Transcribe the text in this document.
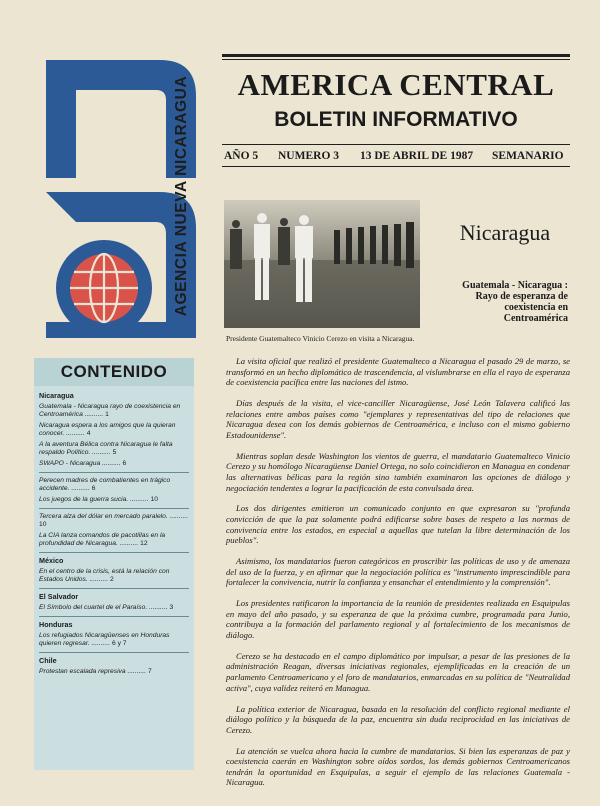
AGENCIA NUEVA NICARAGUA	AMERICA CENTRAL
BOLETIN INFORMATIVO
AÑO 5 NUMERO 3 13 DE ABRIL DE 1987 SEMANARIO
Presidente Guatemalteco Vinicio Cerezo en visita a Nicaragua.
Nicaragua
Guatemala - Nicaragua : Rayo de esperanza de coexistencia en Centroamérica

La visita oficial que realizó el presidente Guatemalteco a Nicaragua el pasado 29 de marzo, se transformó en un hecho diplomático de trascendencia, al vislumbrarse en ella el rayo de esperanza de coexistencia pacífica entre las naciones del istmo.

Días después de la visita, el vice-canciller Nicaragüense, José León Talavera calificó las relaciones entre ambos países como "ejemplares y representativas del tipo de relaciones que Nicaragua desea con los demás gobiernos de Centroamérica, e incluso con el mismo gobierno Estadounidense".

Mientras soplan desde Washington los vientos de guerra, el mandatario Guatemalteco Vinicio Cerezo y su homólogo Nicaragüense Daniel Ortega, no solo coincidieron en Managua en condenar las alternativas bélicas para la región sino también examinaron las opciones de diálogo y negociación tendentes a lograr la pacificación de esta convulsada área.

Los dos dirigentes emitieron un comunicado conjunto en que expresaron su "profunda convicción de que la paz solamente podrá edificarse sobre bases de respeto a las normas de convivencia entre los estados, en especial a aquellas que tutelan la libre determinación de los pueblos".

Asimismo, los mandatarios fueron categóricos en proscribir las políticas de uso y de amenaza del uso de la fuerza, y en afirmar que la negociación política es "instrumento imprescindible para fortalecer la convivencia, nutrir la confianza y ensanchar el entendimiento y la comprensión".

Los presidentes ratificaron la importancia de la reunión de presidentes realizada en Esquipulas en mayo del año pasado, y su esperanza de que la próxima cumbre, programada para Junio, contribuya a la formación del parlamento regional y al fortalecimiento de los mecanismos de diálogo.

Cerezo se ha destacado en el campo diplomático por impulsar, a pesar de las presiones de la administración Reagan, diversas iniciativas regionales, ejemplificadas en la creación de un parlamento Centroamericano y el foro de mandatarios, enmarcadas en su política de "Neutralidad activa", cuya validez reiteró en Managua.

La política exterior de Nicaragua, basada en la resolución del conflicto regional mediante el diálogo político y la búsqueda de la paz, encuentra sin duda reciprocidad en las iniciativas de Cerezo.

La atención se vuelca ahora hacia la cumbre de mandatarios. Si bien las esperanzas de paz y coexistencia caerán en Washington sobre oídos sordos, los demás gobiernos Centroamericanos tendrán la oportunidad en Esquipulas, a seguir el ejemplo de las relaciones Guatemala - Nicaragua.

CONTENIDO
Nicaragua
Guatemala - Nicaragua rayo de coexistencia en Centroamérica .......... 1
Nicaragua espera a los amigos que la quieran conocer. .......... 4
A la aventura Bélica contra Nicaragua le falta respaldo Político. .......... 5
SWAPO - Nicaragua .......... 6
Perecen madres de combatientes en trágico accidente. .......... 6
Los juegos de la guerra sucia. .......... 10
Tercera alza del dólar en mercado paralelo. .......... 10
La CIA lanza comandos de pacotillas en la profundidad de Nicaragua. .......... 12
México
En el centro de la crisis, está la relación con Estados Unidos. .......... 2
El Salvador
El Símbolo del cuartel de el Paraíso. .......... 3
Honduras
Los refugiados Nicaragüenses en Honduras quieren regresar. .......... 6 y 7
Chile
Protestan escalada represiva .......... 7
